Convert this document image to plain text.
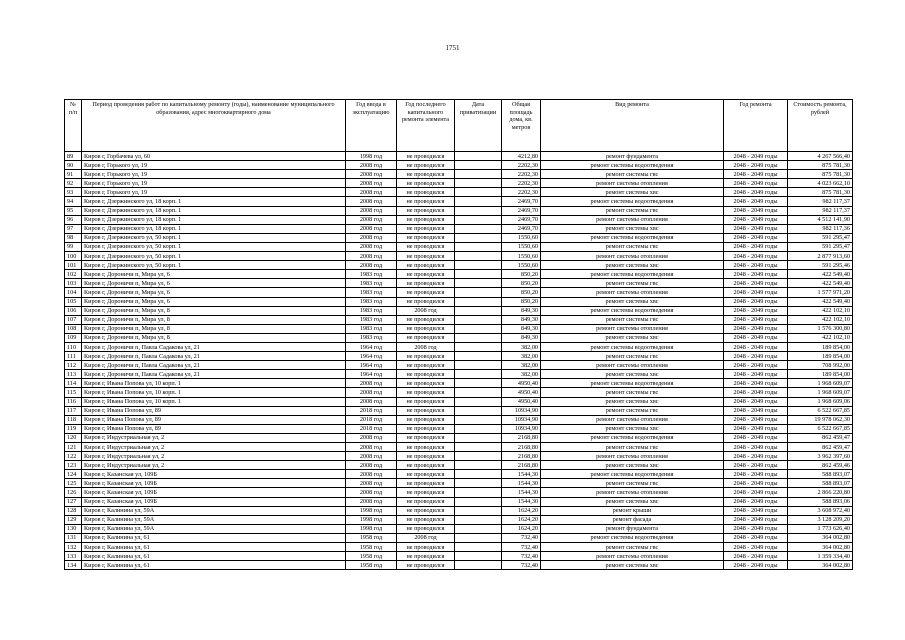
1751
№ п/п	Период проведения работ по капитальному ремонту (годы), наименование муниципального образования, адрес многоквартирного дома	Год ввода в эксплуатацию	Год последнего капитального ремонта элемента	Дата приватизации	Общая площадь дома, кв. метров	Вид ремонта	Год ремонта	Стоимость ремонта, рублей
89	Киров г, Горбачева ул, 60	1998 год	не проводился		4212,80	ремонт фундамента	2048 - 2049 годы	4 267 566,40
90	Киров г, Горького ул, 19	2008 год	не проводился		2202,30	ремонт системы водоотведения	2048 - 2049 годы	875 781,30
91	Киров г, Горького ул, 19	2008 год	не проводился		2202,30	ремонт системы гвс	2048 - 2049 годы	875 781,30
92	Киров г, Горького ул, 19	2008 год	не проводился		2202,30	ремонт системы отопления	2048 - 2049 годы	4 023 662,10
93	Киров г, Горького ул, 19	2008 год	не проводился		2202,30	ремонт системы хвс	2048 - 2049 годы	875 781,30
94	Киров г, Дзержинского ул, 18 корп. 1	2008 год	не проводился		2469,70	ремонт системы водоотведения	2048 - 2049 годы	982 117,37
95	Киров г, Дзержинского ул, 18 корп. 1	2008 год	не проводился		2469,70	ремонт системы гвс	2048 - 2049 годы	982 117,37
96	Киров г, Дзержинского ул, 18 корп. 1	2008 год	не проводился		2469,70	ремонт системы отопления	2048 - 2049 годы	4 512 141,90
97	Киров г, Дзержинского ул, 18 корп. 1	2008 год	не проводился		2469,70	ремонт системы хвс	2048 - 2049 годы	982 117,36
98	Киров г, Дзержинского ул, 50 корп. 1	2008 год	не проводился		1550,60	ремонт системы водоотведения	2048 - 2049 годы	591 295,47
99	Киров г, Дзержинского ул, 50 корп. 1	2008 год	не проводился		1550,60	ремонт системы гвс	2048 - 2049 годы	591 295,47
100	Киров г, Дзержинского ул, 50 корп. 1	2008 год	не проводился		1550,60	ремонт системы отопления	2048 - 2049 годы	2 877 913,60
101	Киров г, Дзержинского ул, 50 корп. 1	2008 год	не проводился		1550,60	ремонт системы хвс	2048 - 2049 годы	591 295,46
102	Киров г, Дороничи п, Мира ул, 6	1983 год	не проводился		850,20	ремонт системы водоотведения	2048 - 2049 годы	422 549,40
103	Киров г, Дороничи п, Мира ул, 6	1983 год	не проводился		850,20	ремонт системы гвс	2048 - 2049 годы	422 549,40
104	Киров г, Дороничи п, Мира ул, 6	1983 год	не проводился		850,20	ремонт системы отопления	2048 - 2049 годы	1 577 971,20
105	Киров г, Дороничи п, Мира ул, 6	1983 год	не проводился		850,20	ремонт системы хвс	2048 - 2049 годы	422 549,40
106	Киров г, Дороничи п, Мира ул, 8	1983 год	2008 год		849,30	ремонт системы водоотведения	2048 - 2049 годы	422 102,10
107	Киров г, Дороничи п, Мира ул, 8	1983 год	не проводился		849,30	ремонт системы гвс	2048 - 2049 годы	422 102,10
108	Киров г, Дороничи п, Мира ул, 8	1983 год	не проводился		849,30	ремонт системы отопления	2048 - 2049 годы	1 576 300,80
109	Киров г, Дороничи п, Мира ул, 8	1983 год	не проводился		849,30	ремонт системы хвс	2048 - 2049 годы	422 102,10
110	Киров г, Дороничи п, Павла Садакова ул, 21	1964 год	2008 год		382,00	ремонт системы водоотведения	2048 - 2049 годы	189 854,00
111	Киров г, Дороничи п, Павла Садакова ул, 21	1964 год	не проводился		382,00	ремонт системы гвс	2048 - 2049 годы	189 854,00
112	Киров г, Дороничи п, Павла Садакова ул, 21	1964 год	не проводился		382,00	ремонт системы отопления	2048 - 2049 годы	708 992,00
113	Киров г, Дороничи п, Павла Садакова ул, 21	1964 год	не проводился		382,00	ремонт системы хвс	2048 - 2049 годы	189 854,00
114	Киров г, Ивана Попова ул, 10 корп. 1	2008 год	не проводился		4950,40	ремонт системы водоотведения	2048 - 2049 годы	1 968 609,07
115	Киров г, Ивана Попова ул, 10 корп. 1	2008 год	не проводился		4950,40	ремонт системы гвс	2048 - 2049 годы	1 968 609,07
116	Киров г, Ивана Попова ул, 10 корп. 1	2008 год	не проводился		4950,40	ремонт системы хвс	2048 - 2049 годы	1 968 609,06
117	Киров г, Ивана Попова ул, 89	2018 год	не проводился		10934,90	ремонт системы гвс	2048 - 2049 годы	6 522 667,85
118	Киров г, Ивана Попова ул, 89	2018 год	не проводился		10934,90	ремонт системы отопления	2048 - 2049 годы	19 978 062,30
119	Киров г, Ивана Попова ул, 89	2018 год	не проводился		10934,90	ремонт системы хвс	2048 - 2049 годы	6 522 667,85
120	Киров г, Индустриальная ул, 2	2008 год	не проводился		2168,80	ремонт системы водоотведения	2048 - 2049 годы	862 459,47
121	Киров г, Индустриальная ул, 2	2008 год	не проводился		2168,80	ремонт системы гвс	2048 - 2049 годы	862 459,47
122	Киров г, Индустриальная ул, 2	2008 год	не проводился		2168,80	ремонт системы отопления	2048 - 2049 годы	3 962 397,60
123	Киров г, Индустриальная ул, 2	2008 год	не проводился		2168,80	ремонт системы хвс	2048 - 2049 годы	862 459,46
124	Киров г, Казанская ул, 109Б	2008 год	не проводился		1544,30	ремонт системы водоотведения	2048 - 2049 годы	588 893,07
125	Киров г, Казанская ул, 109Б	2008 год	не проводился		1544,30	ремонт системы гвс	2048 - 2049 годы	588 893,07
126	Киров г, Казанская ул, 109Б	2008 год	не проводился		1544,30	ремонт системы отопления	2048 - 2049 годы	2 866 220,80
127	Киров г, Казанская ул, 109Б	2008 год	не проводился		1544,30	ремонт системы хвс	2048 - 2049 годы	588 893,06
128	Киров г, Калинина ул, 59А	1998 год	не проводился		1624,20	ремонт крыши	2048 - 2049 годы	3 608 972,40
129	Киров г, Калинина ул, 59А	1998 год	не проводился		1624,20	ремонт фасада	2048 - 2049 годы	3 128 209,20
130	Киров г, Калинина ул, 59А	1998 год	не проводился		1624,20	ремонт фундамента	2048 - 2049 годы	1 773 626,40
131	Киров г, Калинина ул, 61	1958 год	2008 год		732,40	ремонт системы водоотведения	2048 - 2049 годы	364 002,80
132	Киров г, Калинина ул, 61	1958 год	не проводился		732,40	ремонт системы гвс	2048 - 2049 годы	364 002,80
133	Киров г, Калинина ул, 61	1958 год	не проводился		732,40	ремонт системы отопления	2048 - 2049 годы	1 359 334,40
134	Киров г, Калинина ул, 61	1958 год	не проводился		732,40	ремонт системы хвс	2048 - 2049 годы	364 002,80
